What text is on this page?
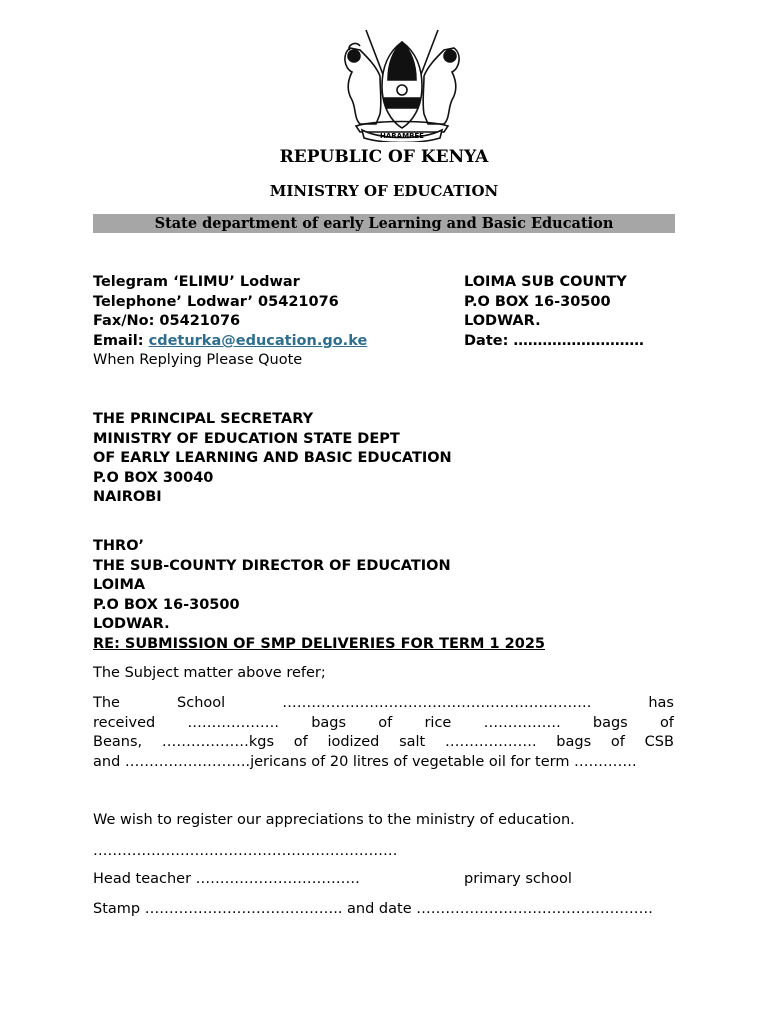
HARAMBEE
REPUBLIC OF KENYA
MINISTRY OF EDUCATION
State department of early Learning and Basic Education
Telegram ‘ELIMU’ Lodwar
Telephone’ Lodwar’ 05421076
Fax/No: 05421076
Email: cdeturka@education.go.ke
When Replying Please Quote
LOIMA SUB COUNTY
P.O BOX 16-30500
LODWAR.
Date: ………………………
THE PRINCIPAL SECRETARY
MINISTRY OF EDUCATION STATE DEPT
OF EARLY LEARNING AND BASIC EDUCATION
P.O BOX 30040
NAIROBI
THRO’
THE SUB-COUNTY DIRECTOR OF EDUCATION
LOIMA
P.O BOX 16-30500
LODWAR.
RE: SUBMISSION OF SMP DELIVERIES FOR TERM 1 2025
The Subject matter above refer;
The	School	……………………………………………………….	has
received ………………. bags of rice ……………. bags of
Beans, ………………kgs of iodized salt ………………. bags of CSB
and ……………………..jericans of 20 litres of vegetable oil for term ………….
We wish to register our appreciations to the ministry of education.
………………………………………………………
Head teacher …………………………….	primary school
Stamp ………………………………….. and date ………………………………………….
